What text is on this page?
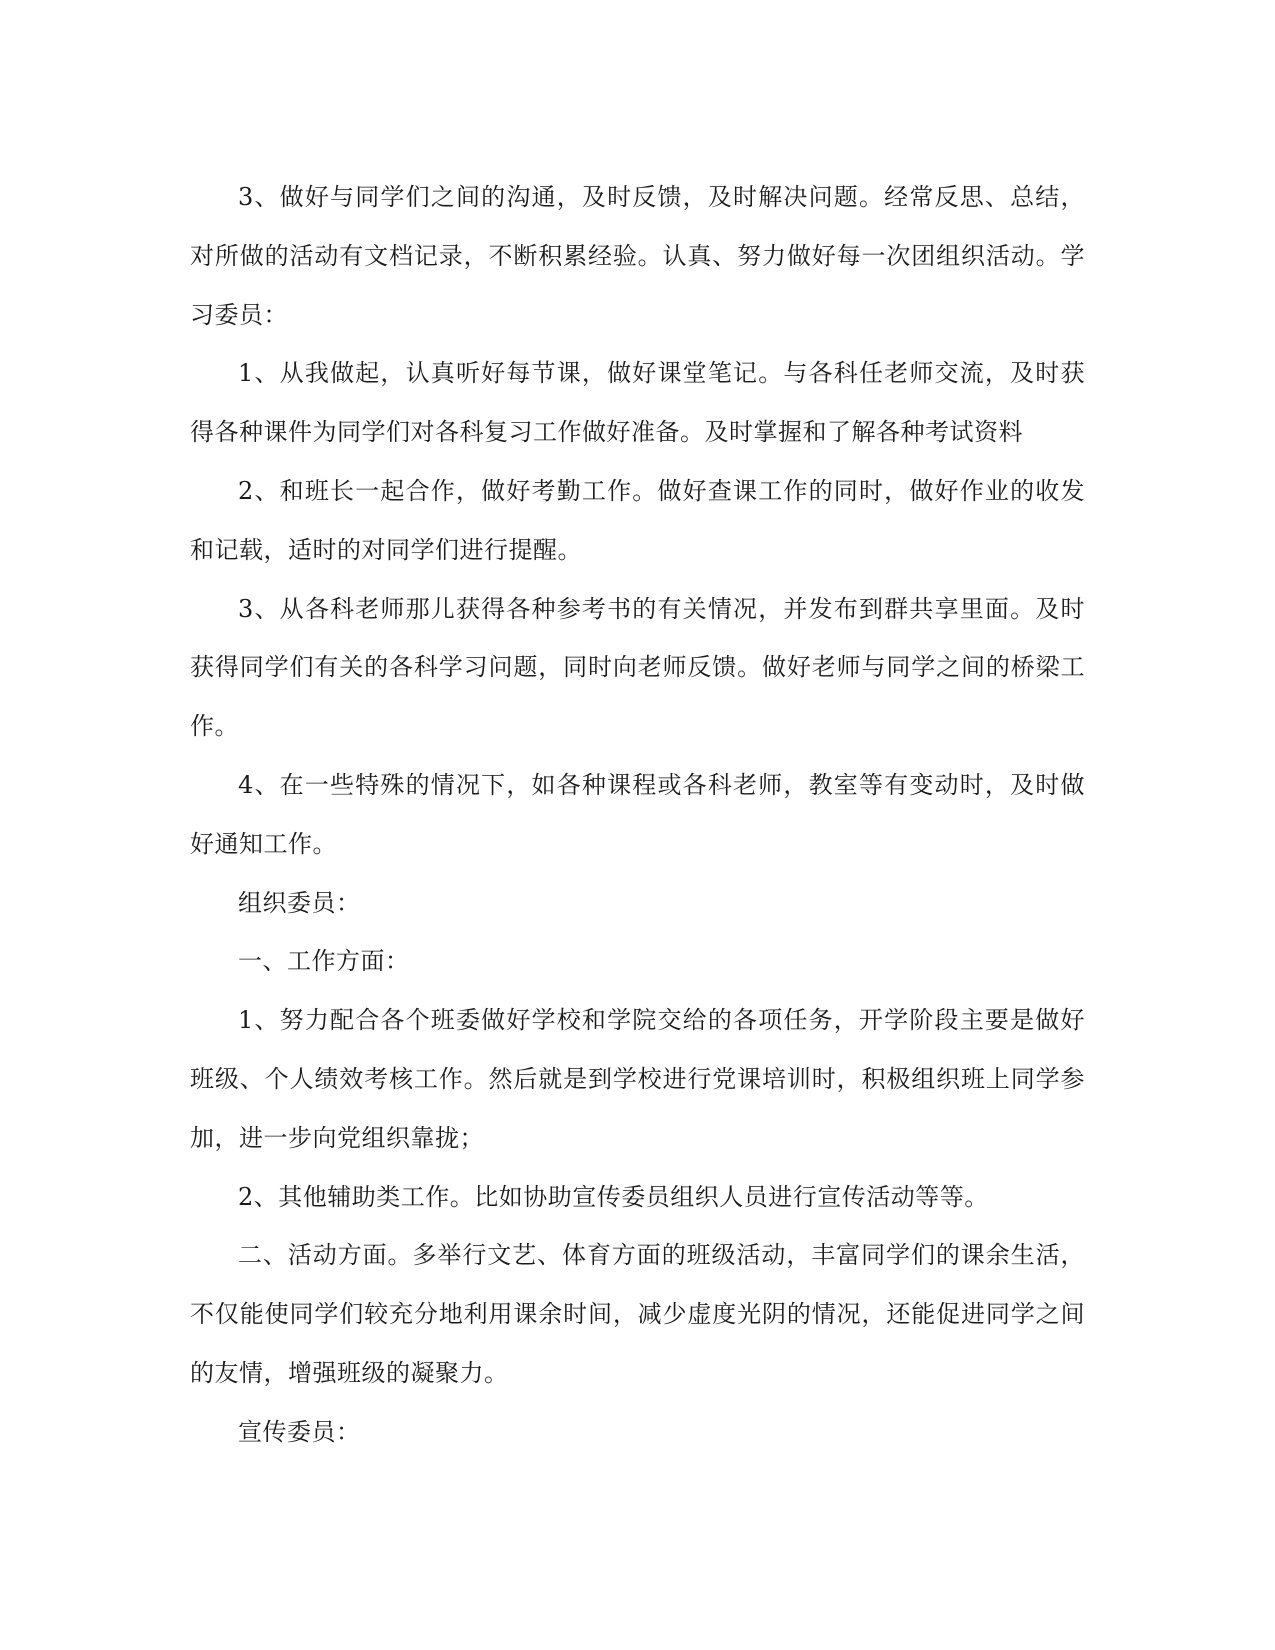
3、做好与同学们之间的沟通，及时反馈，及时解决问题。经常反思、总结，对所做的活动有文档记录，不断积累经验。认真、努力做好每一次团组织活动。学习委员：

1、从我做起，认真听好每节课，做好课堂笔记。与各科任老师交流，及时获得各种课件为同学们对各科复习工作做好准备。及时掌握和了解各种考试资料

2、和班长一起合作，做好考勤工作。做好查课工作的同时，做好作业的收发和记载，适时的对同学们进行提醒。

3、从各科老师那儿获得各种参考书的有关情况，并发布到群共享里面。及时获得同学们有关的各科学习问题，同时向老师反馈。做好老师与同学之间的桥梁工作。

4、在一些特殊的情况下，如各种课程或各科老师，教室等有变动时，及时做好通知工作。

组织委员：

一、工作方面：

1、努力配合各个班委做好学校和学院交给的各项任务，开学阶段主要是做好班级、个人绩效考核工作。然后就是到学校进行党课培训时，积极组织班上同学参加，进一步向党组织靠拢；

2、其他辅助类工作。比如协助宣传委员组织人员进行宣传活动等等。

二、活动方面。多举行文艺、体育方面的班级活动，丰富同学们的课余生活，不仅能使同学们较充分地利用课余时间，减少虚度光阴的情况，还能促进同学之间的友情，增强班级的凝聚力。

宣传委员：
